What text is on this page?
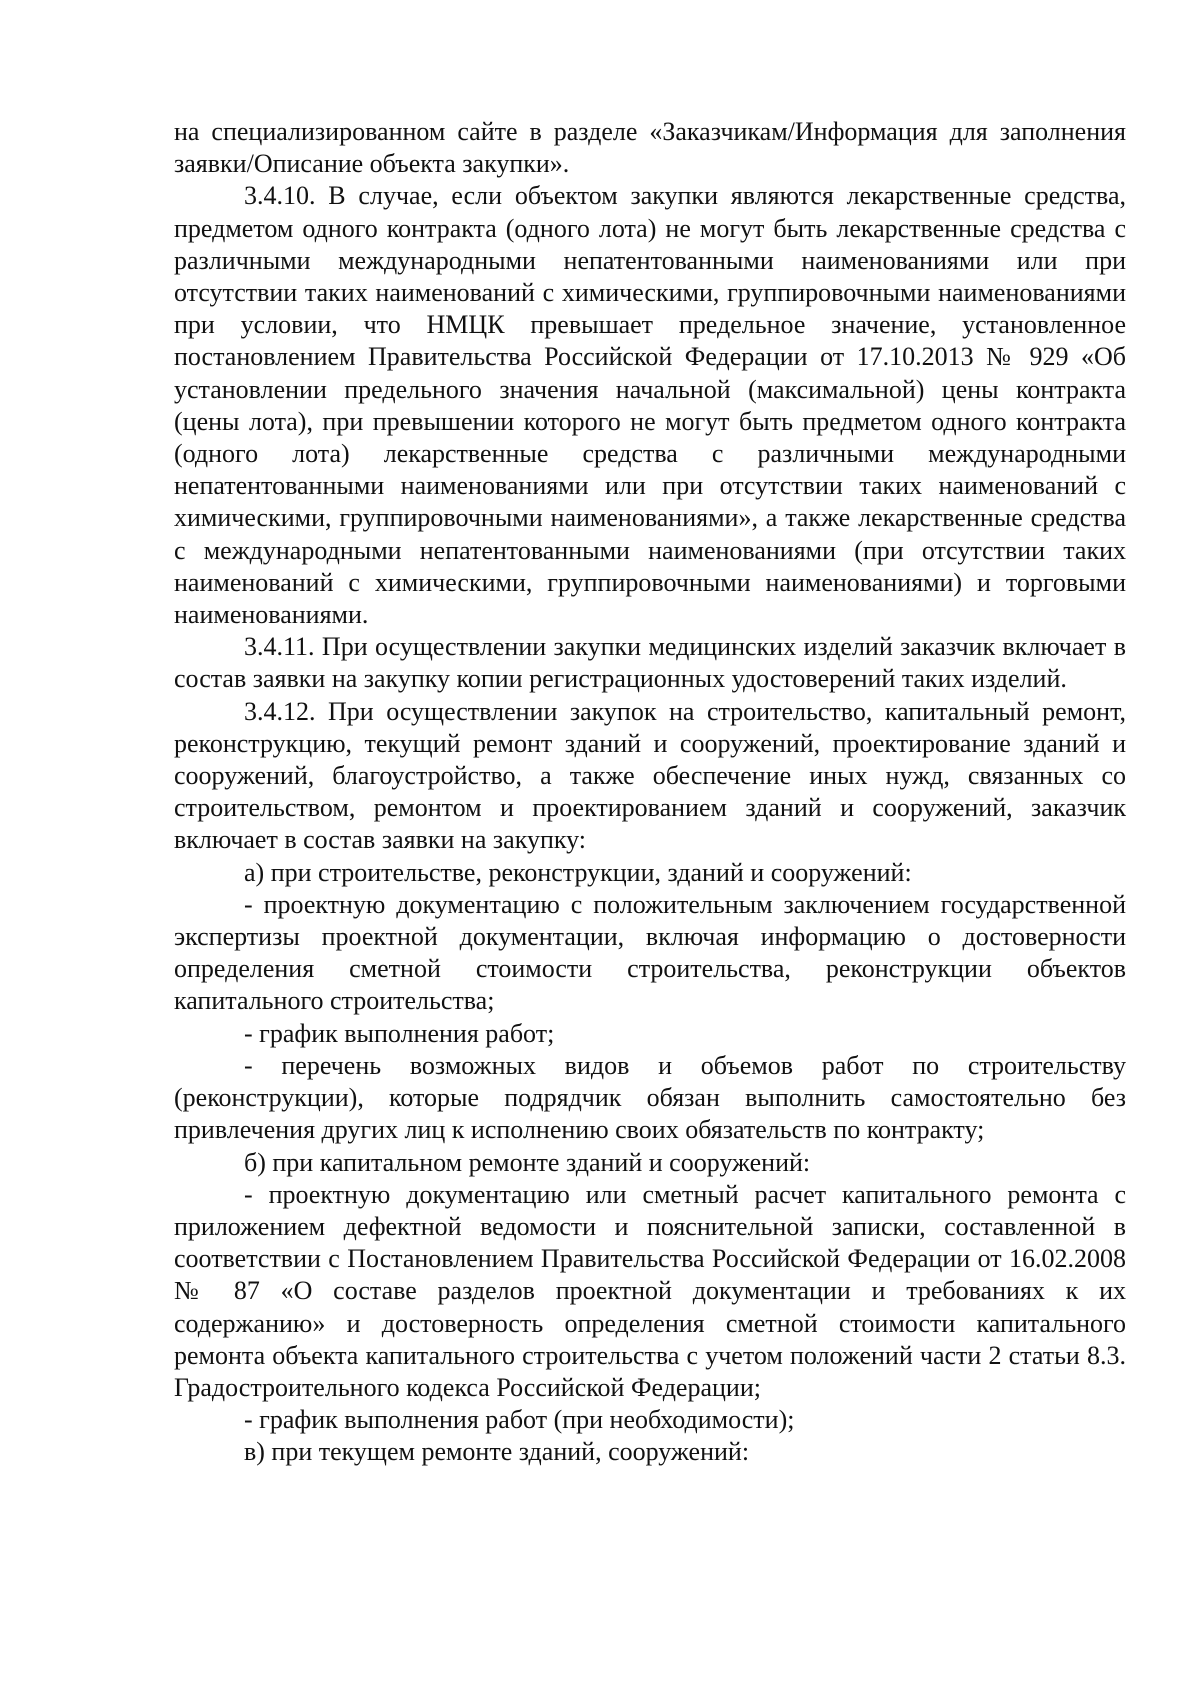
на специализированном сайте в разделе «Заказчикам/Информация для заполнения заявки/Описание объекта закупки».

3.4.10. В случае, если объектом закупки являются лекарственные средства, предметом одного контракта (одного лота) не могут быть лекарственные средства с различными международными непатентованными наименованиями или при отсутствии таких наименований с химическими, группировочными наименованиями при условии, что НМЦК превышает предельное значение, установленное постановлением Правительства Российской Федерации от 17.10.2013 № 929 «Об установлении предельного значения начальной (максимальной) цены контракта (цены лота), при превышении которого не могут быть предметом одного контракта (одного лота) лекарственные средства с различными международными непатентованными наименованиями или при отсутствии таких наименований с химическими, группировочными наименованиями», а также лекарственные средства с международными непатентованными наименованиями (при отсутствии таких наименований с химическими, группировочными наименованиями) и торговыми наименованиями.

3.4.11. При осуществлении закупки медицинских изделий заказчик включает в состав заявки на закупку копии регистрационных удостоверений таких изделий.

3.4.12. При осуществлении закупок на строительство, капитальный ремонт, реконструкцию, текущий ремонт зданий и сооружений, проектирование зданий и сооружений, благоустройство, а также обеспечение иных нужд, связанных со строительством, ремонтом и проектированием зданий и сооружений, заказчик включает в состав заявки на закупку:

а) при строительстве, реконструкции, зданий и сооружений:

- проектную документацию с положительным заключением государственной экспертизы проектной документации, включая информацию о достоверности определения сметной стоимости строительства, реконструкции объектов капитального строительства;

- график выполнения работ;

- перечень возможных видов и объемов работ по строительству (реконструкции), которые подрядчик обязан выполнить самостоятельно без привлечения других лиц к исполнению своих обязательств по контракту;

б) при капитальном ремонте зданий и сооружений:

- проектную документацию или сметный расчет капитального ремонта с приложением дефектной ведомости и пояснительной записки, составленной в соответствии с Постановлением Правительства Российской Федерации от 16.02.2008 № 87 «О составе разделов проектной документации и требованиях к их содержанию» и достоверность определения сметной стоимости капитального ремонта объекта капитального строительства с учетом положений части 2 статьи 8.3. Градостроительного кодекса Российской Федерации;

- график выполнения работ (при необходимости);

в) при текущем ремонте зданий, сооружений:
